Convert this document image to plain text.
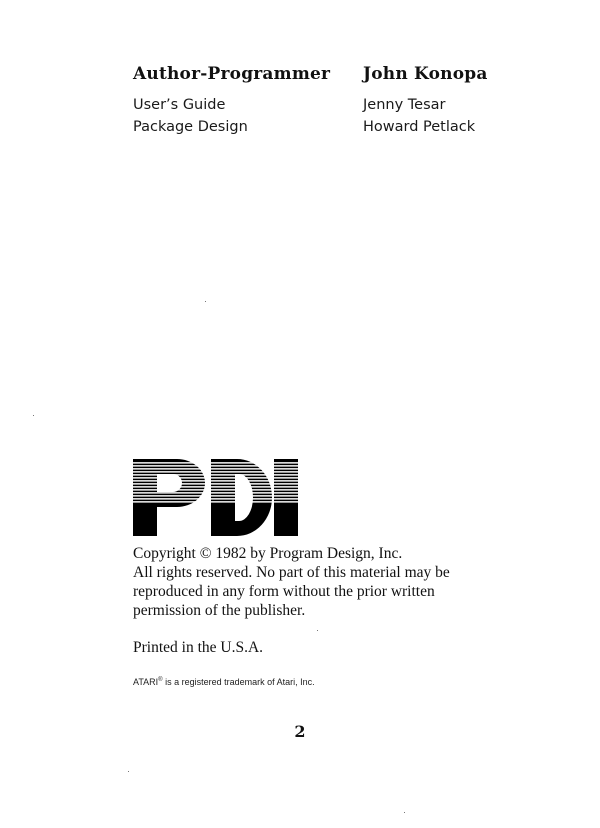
Author-Programmer John Konopa
User’s Guide	Jenny Tesar
Package Design	Howard Petlack

Copyright © 1982 by Program Design, Inc.

All rights reserved. No part of this material may be

reproduced in any form without the prior written

permission of the publisher.

Printed in the U.S.A.
ATARI® is a registered trademark of Atari, Inc.
2
